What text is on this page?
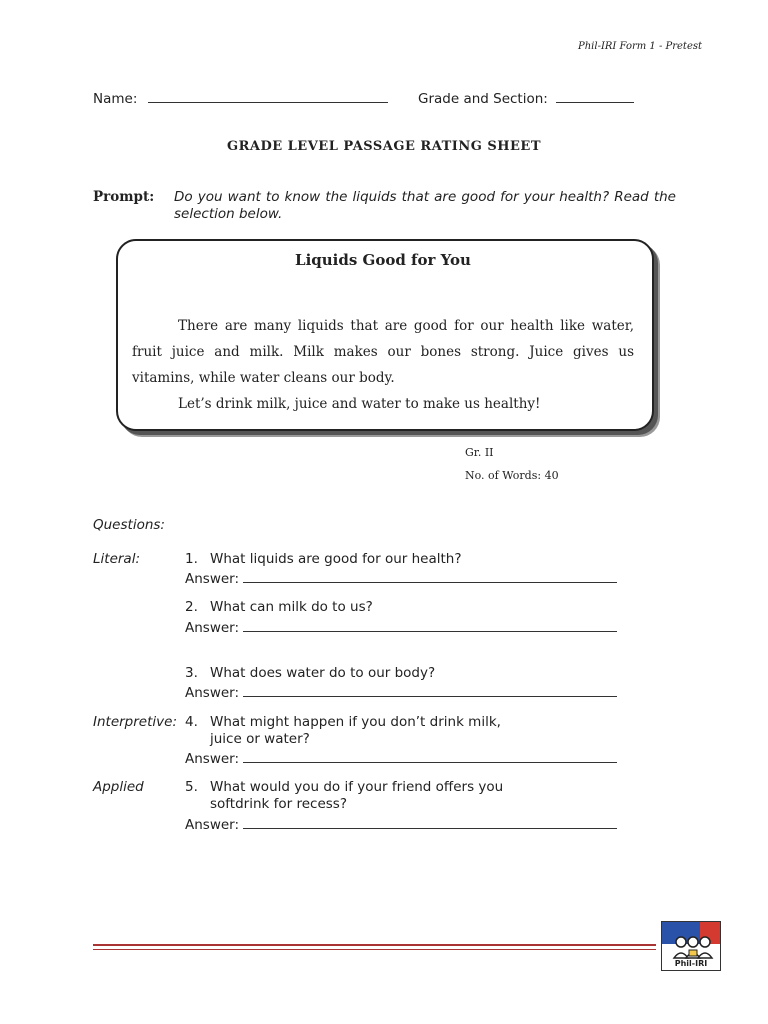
Phil-IRI Form 1 - Pretest
Name:	Grade and Section:
GRADE LEVEL PASSAGE RATING SHEET
Prompt: Do you want to know the liquids that are good for your health? Read the selection below.
Liquids Good for You

There are many liquids that are good for our health like water, fruit juice and milk. Milk makes our bones strong. Juice gives us vitamins, while water cleans our body.

Let’s drink milk, juice and water to make us healthy!

Gr. II
No. of Words: 40
Questions:
Literal:	1. What liquids are good for our health?
Answer:
2. What can milk do to us?
Answer:
3. What does water do to our body?
Answer:
Interpretive: 4. What might happen if you don’t drink milk,
juice or water?
Answer:
Applied	5. What would you do if your friend offers you
softdrink for recess?
Answer:
Phil-IRI
